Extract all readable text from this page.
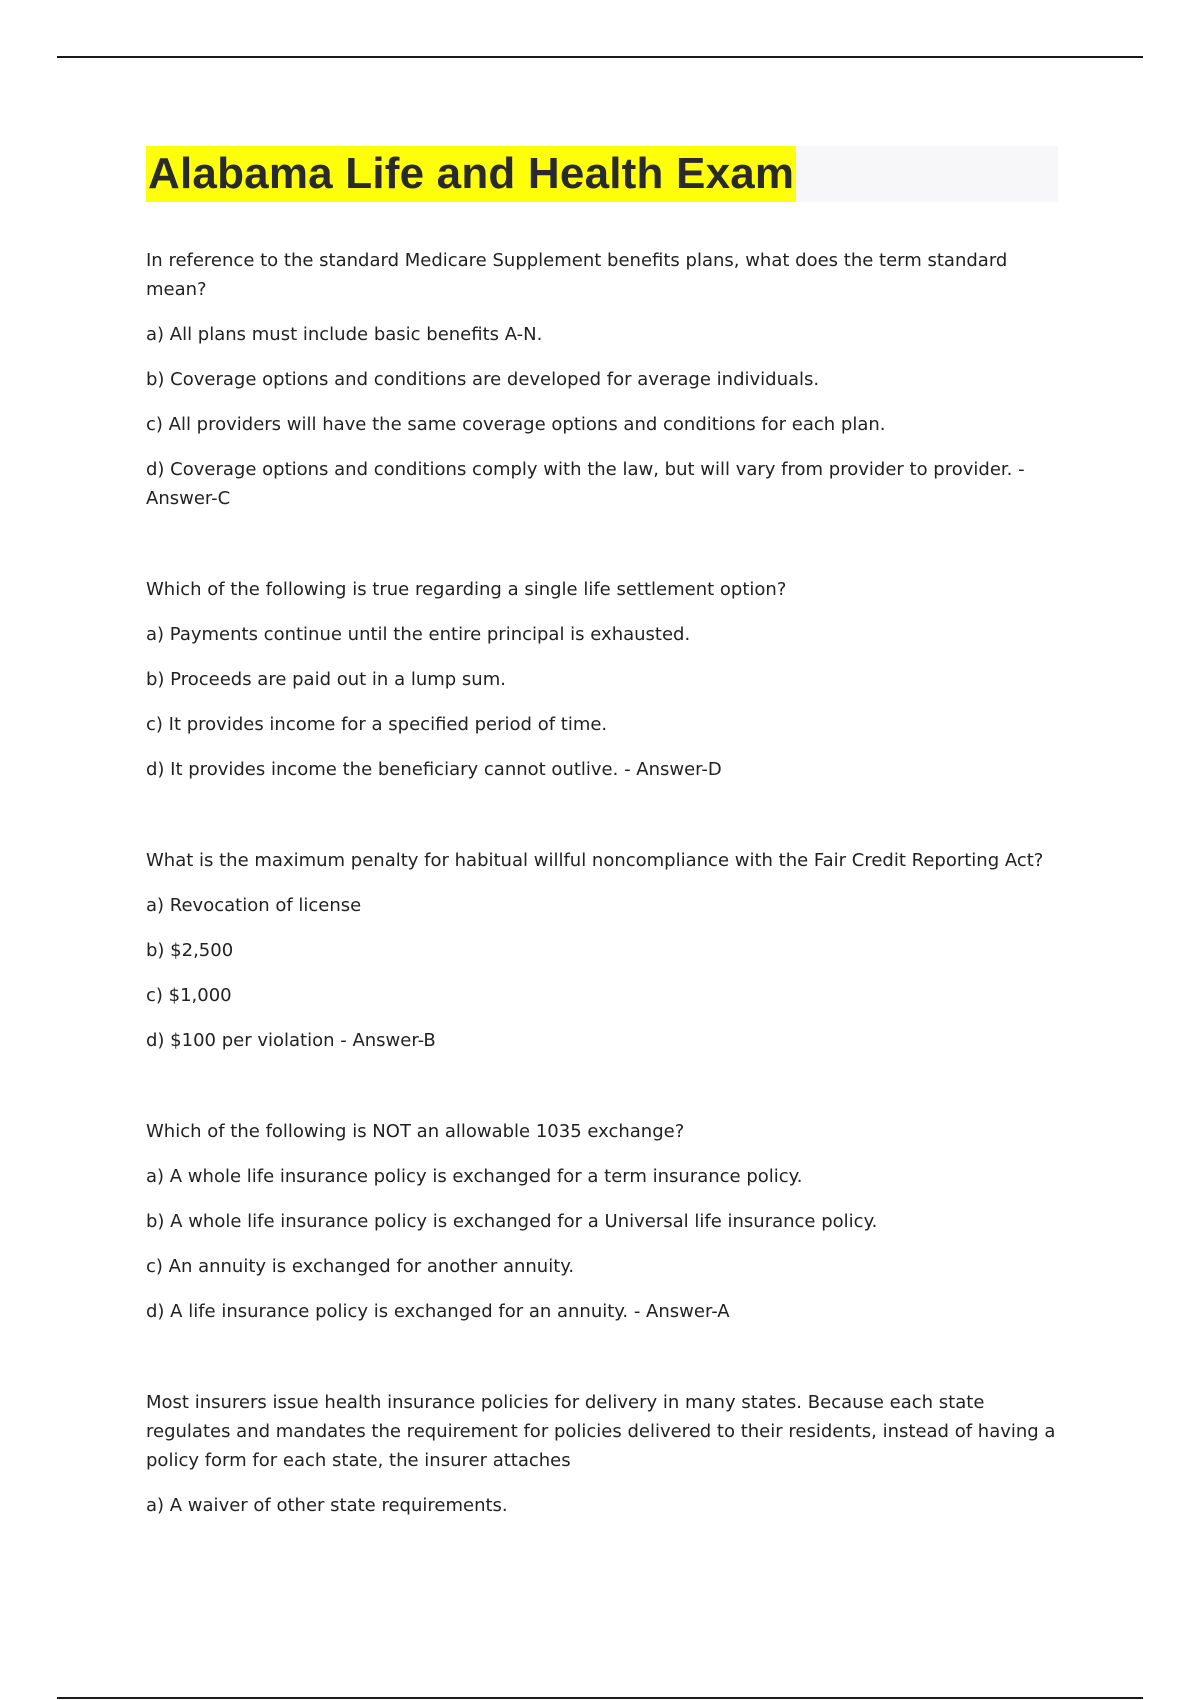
Alabama Life and Health Exam

In reference to the standard Medicare Supplement benefits plans, what does the term standard mean?

a) All plans must include basic benefits A-N.

b) Coverage options and conditions are developed for average individuals.

c) All providers will have the same coverage options and conditions for each plan.

d) Coverage options and conditions comply with the law, but will vary from provider to provider. - Answer-C

Which of the following is true regarding a single life settlement option?

a) Payments continue until the entire principal is exhausted.

b) Proceeds are paid out in a lump sum.

c) It provides income for a specified period of time.

d) It provides income the beneficiary cannot outlive. - Answer-D

What is the maximum penalty for habitual willful noncompliance with the Fair Credit Reporting Act?

a) Revocation of license

b) $2,500

c) $1,000

d) $100 per violation - Answer-B

Which of the following is NOT an allowable 1035 exchange?

a) A whole life insurance policy is exchanged for a term insurance policy.

b) A whole life insurance policy is exchanged for a Universal life insurance policy.

c) An annuity is exchanged for another annuity.

d) A life insurance policy is exchanged for an annuity. - Answer-A

Most insurers issue health insurance policies for delivery in many states. Because each state regulates and mandates the requirement for policies delivered to their residents, instead of having a policy form for each state, the insurer attaches

a) A waiver of other state requirements.
